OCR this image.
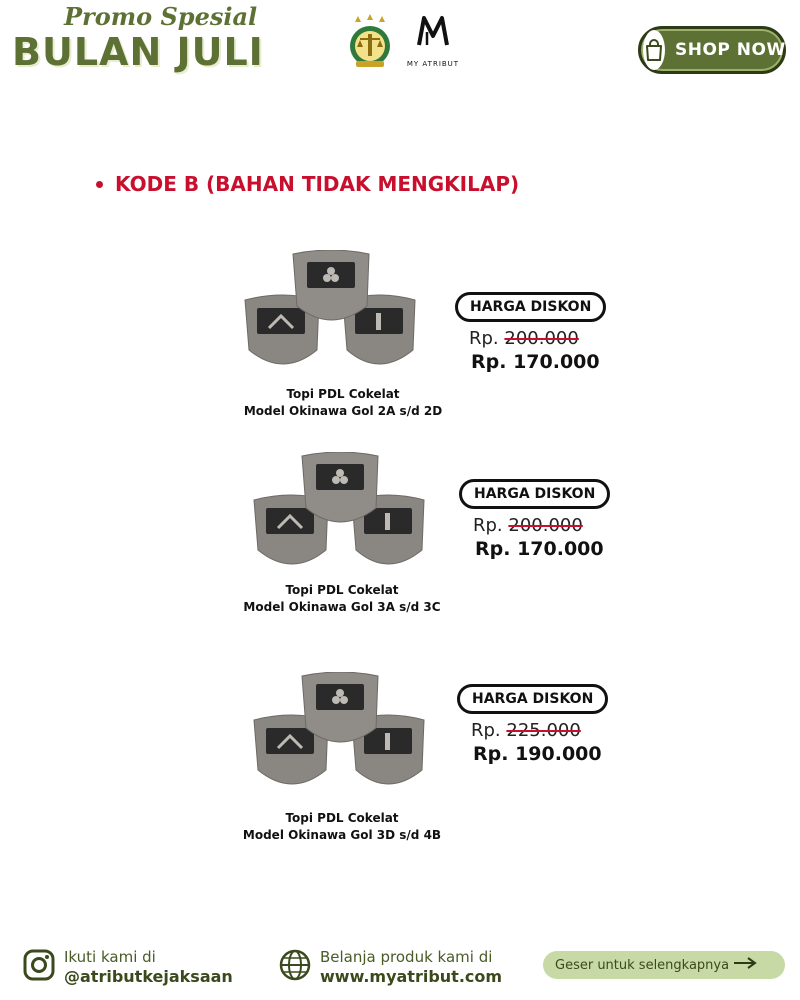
Promo Spesial
BULAN JULI	MY ATRIBUT
SHOP NOW
KODE B (BAHAN TIDAK MENGKILAP)
Topi PDL Cokelat
Model Okinawa Gol 2A s/d 2D
HARGA DISKON
Rp. 200.000
Rp. 170.000
Topi PDL Cokelat
Model Okinawa Gol 3A s/d 3C
HARGA DISKON
Rp. 200.000
Rp. 170.000
Topi PDL Cokelat
Model Okinawa Gol 3D s/d 4B
HARGA DISKON
Rp. 225.000
Rp. 190.000
Ikuti kami di
@atributkejaksaan
Belanja produk kami di
www.myatribut.com
Geser untuk selengkapnya
